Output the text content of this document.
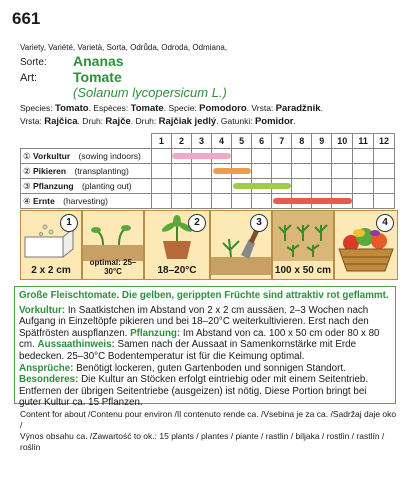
661
Variety, Variété, Varietà, Sorta, Odrůda, Odroda, Odmiana,
Sorte: Ananas
Art:	Tomate
(Solanum lycopersicum L.)
Species: Tomato. Espèces: Tomate. Specie: Pomodoro. Vrsta: Paradžnik.
Vrsta: Rajčica. Druh: Rajče. Druh: Rajčiak jedlý. Gatunki: Pomidor.
	1	2	3	4	5	6	7	8	9	10	11	12
① Vorkultur (sowing indoors)												
② Pikieren (transplanting)												
③ Pflanzung (planting out)												
④ Ernte (harvesting)												
1
2 x 2 cm
optimal: 25–30°C
2
18–20°C
3
100 x 50 cm
4
Große Fleischtomate. Die gelben, gerippten Früchte sind attraktiv rot geflammt.
Vorkultur: In Saatkistchen im Abstand von 2 x 2 cm aussäen. 2–3 Wochen nach Aufgang in Einzeltöpfe pikieren und bei 18–20°C weiterkultivieren. Erst nach den Spätfrösten auspflanzen. Pflanzung: Im Abstand von ca. 100 x 50 cm oder 80 x 80 cm. Aussaathinweis: Samen nach der Aussaat in Samenkornstärke mit Erde bedecken. 25–30°C Bodentemperatur ist für die Keimung optimal.
Ansprüche: Benötigt lockeren, guten Gartenboden und sonnigen Standort.
Besonderes: Die Kultur an Stöcken erfolgt eintriebig oder mit einem Seitentrieb. Entfernen der übrigen Seitentriebe (ausgeizen) ist nötig. Diese Portion bringt bei guter Kultur ca. 15 Pflanzen.
Content for about /Contenu pour environ /Il contenuto rende ca. /Vsebina je za ca. /Sadržaj daje oko /
Výnos obsahu ca. /Zawartość to ok.: 15 plants / plantes / piante / rastlin / biljaka / rostlin / rastlín / roślin
